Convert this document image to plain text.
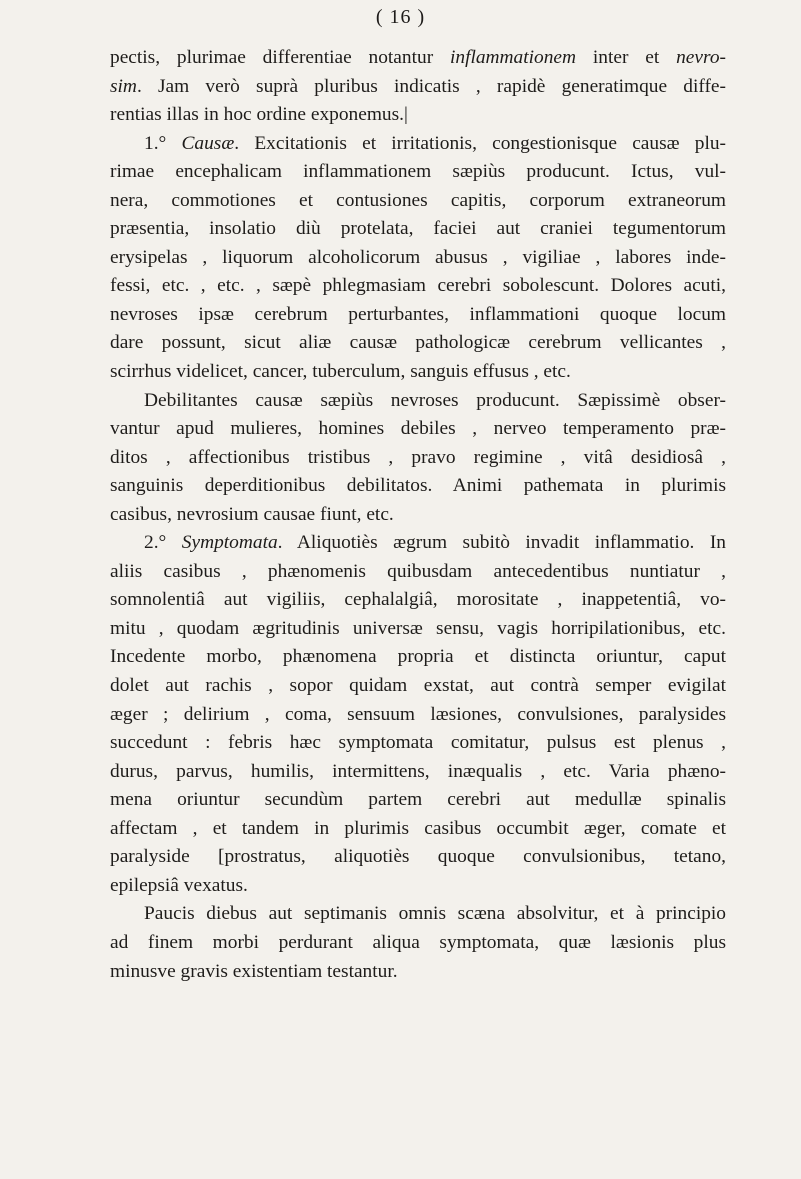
( 16 )
pectis, plurimae differentiae notantur inflammationem inter et nevro-
sim. Jam verò suprà pluribus indicatis , rapidè generatimque diffe-
rentias illas in hoc ordine exponemus.|
1.° Causæ. Excitationis et irritationis, congestionisque causæ plu-
rimae encephalicam inflammationem sæpiùs producunt. Ictus, vul-
nera, commotiones et contusiones capitis, corporum extraneorum
præsentia, insolatio diù protelata, faciei aut craniei tegumentorum
erysipelas , liquorum alcoholicorum abusus , vigiliae , labores inde-
fessi, etc. , etc. , sæpè phlegmasiam cerebri sobolescunt. Dolores acuti,
nevroses ipsæ cerebrum perturbantes, inflammationi quoque locum
dare possunt, sicut aliæ causæ pathologicæ cerebrum vellicantes ,
scirrhus videlicet, cancer, tuberculum, sanguis effusus , etc.
Debilitantes causæ sæpiùs nevroses producunt. Sæpissimè obser-
vantur apud mulieres, homines debiles , nerveo temperamento præ-
ditos , affectionibus tristibus , pravo regimine , vitâ desidiosâ ,
sanguinis deperditionibus debilitatos. Animi pathemata in plurimis
casibus, nevrosium causae fiunt, etc.
2.° Symptomata. Aliquotiès ægrum subitò invadit inflammatio. In
aliis casibus , phænomenis quibusdam antecedentibus nuntiatur ,
somnolentiâ aut vigiliis, cephalalgiâ, morositate , inappetentiâ, vo-
mitu , quodam ægritudinis universæ sensu, vagis horripilationibus, etc.
Incedente morbo, phænomena propria et distincta oriuntur, caput
dolet aut rachis , sopor quidam exstat, aut contrà semper evigilat
æger ; delirium , coma, sensuum læsiones, convulsiones, paralysides
succedunt : febris hæc symptomata comitatur, pulsus est plenus ,
durus, parvus, humilis, intermittens, inæqualis , etc. Varia phæno-
mena oriuntur secundùm partem cerebri aut medullæ spinalis
affectam , et tandem in plurimis casibus occumbit æger, comate et
paralyside [prostratus, aliquotiès quoque convulsionibus, tetano,
epilepsiâ vexatus.
Paucis diebus aut septimanis omnis scæna absolvitur, et à principio
ad finem morbi perdurant aliqua symptomata, quæ læsionis plus
minusve gravis existentiam testantur.
